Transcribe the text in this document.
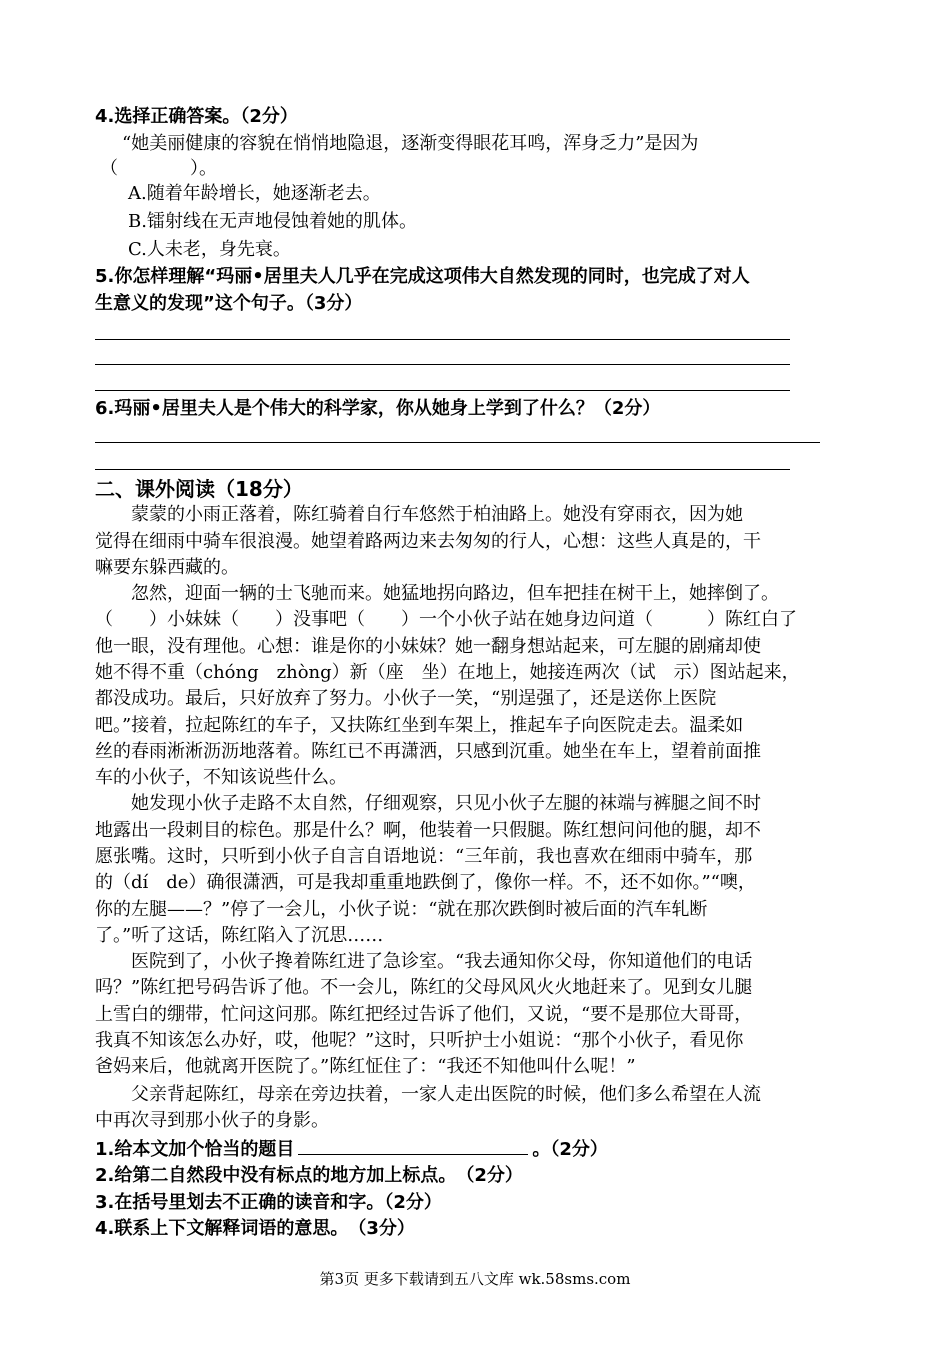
4.选择正确答案。（2分）
“她美丽健康的容貌在悄悄地隐退，逐渐变得眼花耳鸣，浑身乏力”是因为
（　　　　）。
A.随着年龄增长，她逐渐老去。
B.镭射线在无声地侵蚀着她的肌体。
C.人未老，身先衰。
5.你怎样理解“玛丽•居里夫人几乎在完成这项伟大自然发现的同时，也完成了对人
生意义的发现”这个句子。（3分）
6.玛丽•居里夫人是个伟大的科学家，你从她身上学到了什么？（2分）
二、课外阅读（18分）
　　蒙蒙的小雨正落着，陈红骑着自行车悠然于柏油路上。她没有穿雨衣，因为她
觉得在细雨中骑车很浪漫。她望着路两边来去匆匆的行人，心想：这些人真是的，干
嘛要东躲西藏的。
　　忽然，迎面一辆的士飞驰而来。她猛地拐向路边，但车把挂在树干上，她摔倒了。
（　　）小妹妹（　　）没事吧（　　）一个小伙子站在她身边问道（　　　）陈红白了
他一眼，没有理他。心想：谁是你的小妹妹？她一翻身想站起来，可左腿的剧痛却使
她不得不重（chóng　zhòng）新（座　坐）在地上，她接连两次（试　示）图站起来，
都没成功。最后，只好放弃了努力。小伙子一笑，“别逞强了，还是送你上医院
吧。”接着，拉起陈红的车子，又扶陈红坐到车架上，推起车子向医院走去。温柔如
丝的春雨淅淅沥沥地落着。陈红已不再潇洒，只感到沉重。她坐在车上，望着前面推
车的小伙子，不知该说些什么。
　　她发现小伙子走路不太自然，仔细观察，只见小伙子左腿的袜端与裤腿之间不时
地露出一段刺目的棕色。那是什么？啊，他装着一只假腿。陈红想问问他的腿，却不
愿张嘴。这时，只听到小伙子自言自语地说：“三年前，我也喜欢在细雨中骑车，那
的（dí　de）确很潇洒，可是我却重重地跌倒了，像你一样。不，还不如你。”“噢，
你的左腿——？”停了一会儿，小伙子说：“就在那次跌倒时被后面的汽车轧断
了。”听了这话，陈红陷入了沉思……
　　医院到了，小伙子搀着陈红进了急诊室。“我去通知你父母，你知道他们的电话
吗？”陈红把号码告诉了他。不一会儿，陈红的父母风风火火地赶来了。见到女儿腿
上雪白的绷带，忙问这问那。陈红把经过告诉了他们，又说，“要不是那位大哥哥，
我真不知该怎么办好，哎，他呢？”这时，只听护士小姐说：“那个小伙子，看见你
爸妈来后，他就离开医院了。”陈红怔住了：“我还不知他叫什么呢！”
　　父亲背起陈红，母亲在旁边扶着，一家人走出医院的时候，他们多么希望在人流
中再次寻到那小伙子的身影。
1.给本文加个恰当的题目	。（2分）
2.给第二自然段中没有标点的地方加上标点。　（2分）
3.在括号里划去不正确的读音和字。（2分）
4.联系上下文解释词语的意思。　（3分）
第3页 更多下载请到五八文库 wk.58sms.com
